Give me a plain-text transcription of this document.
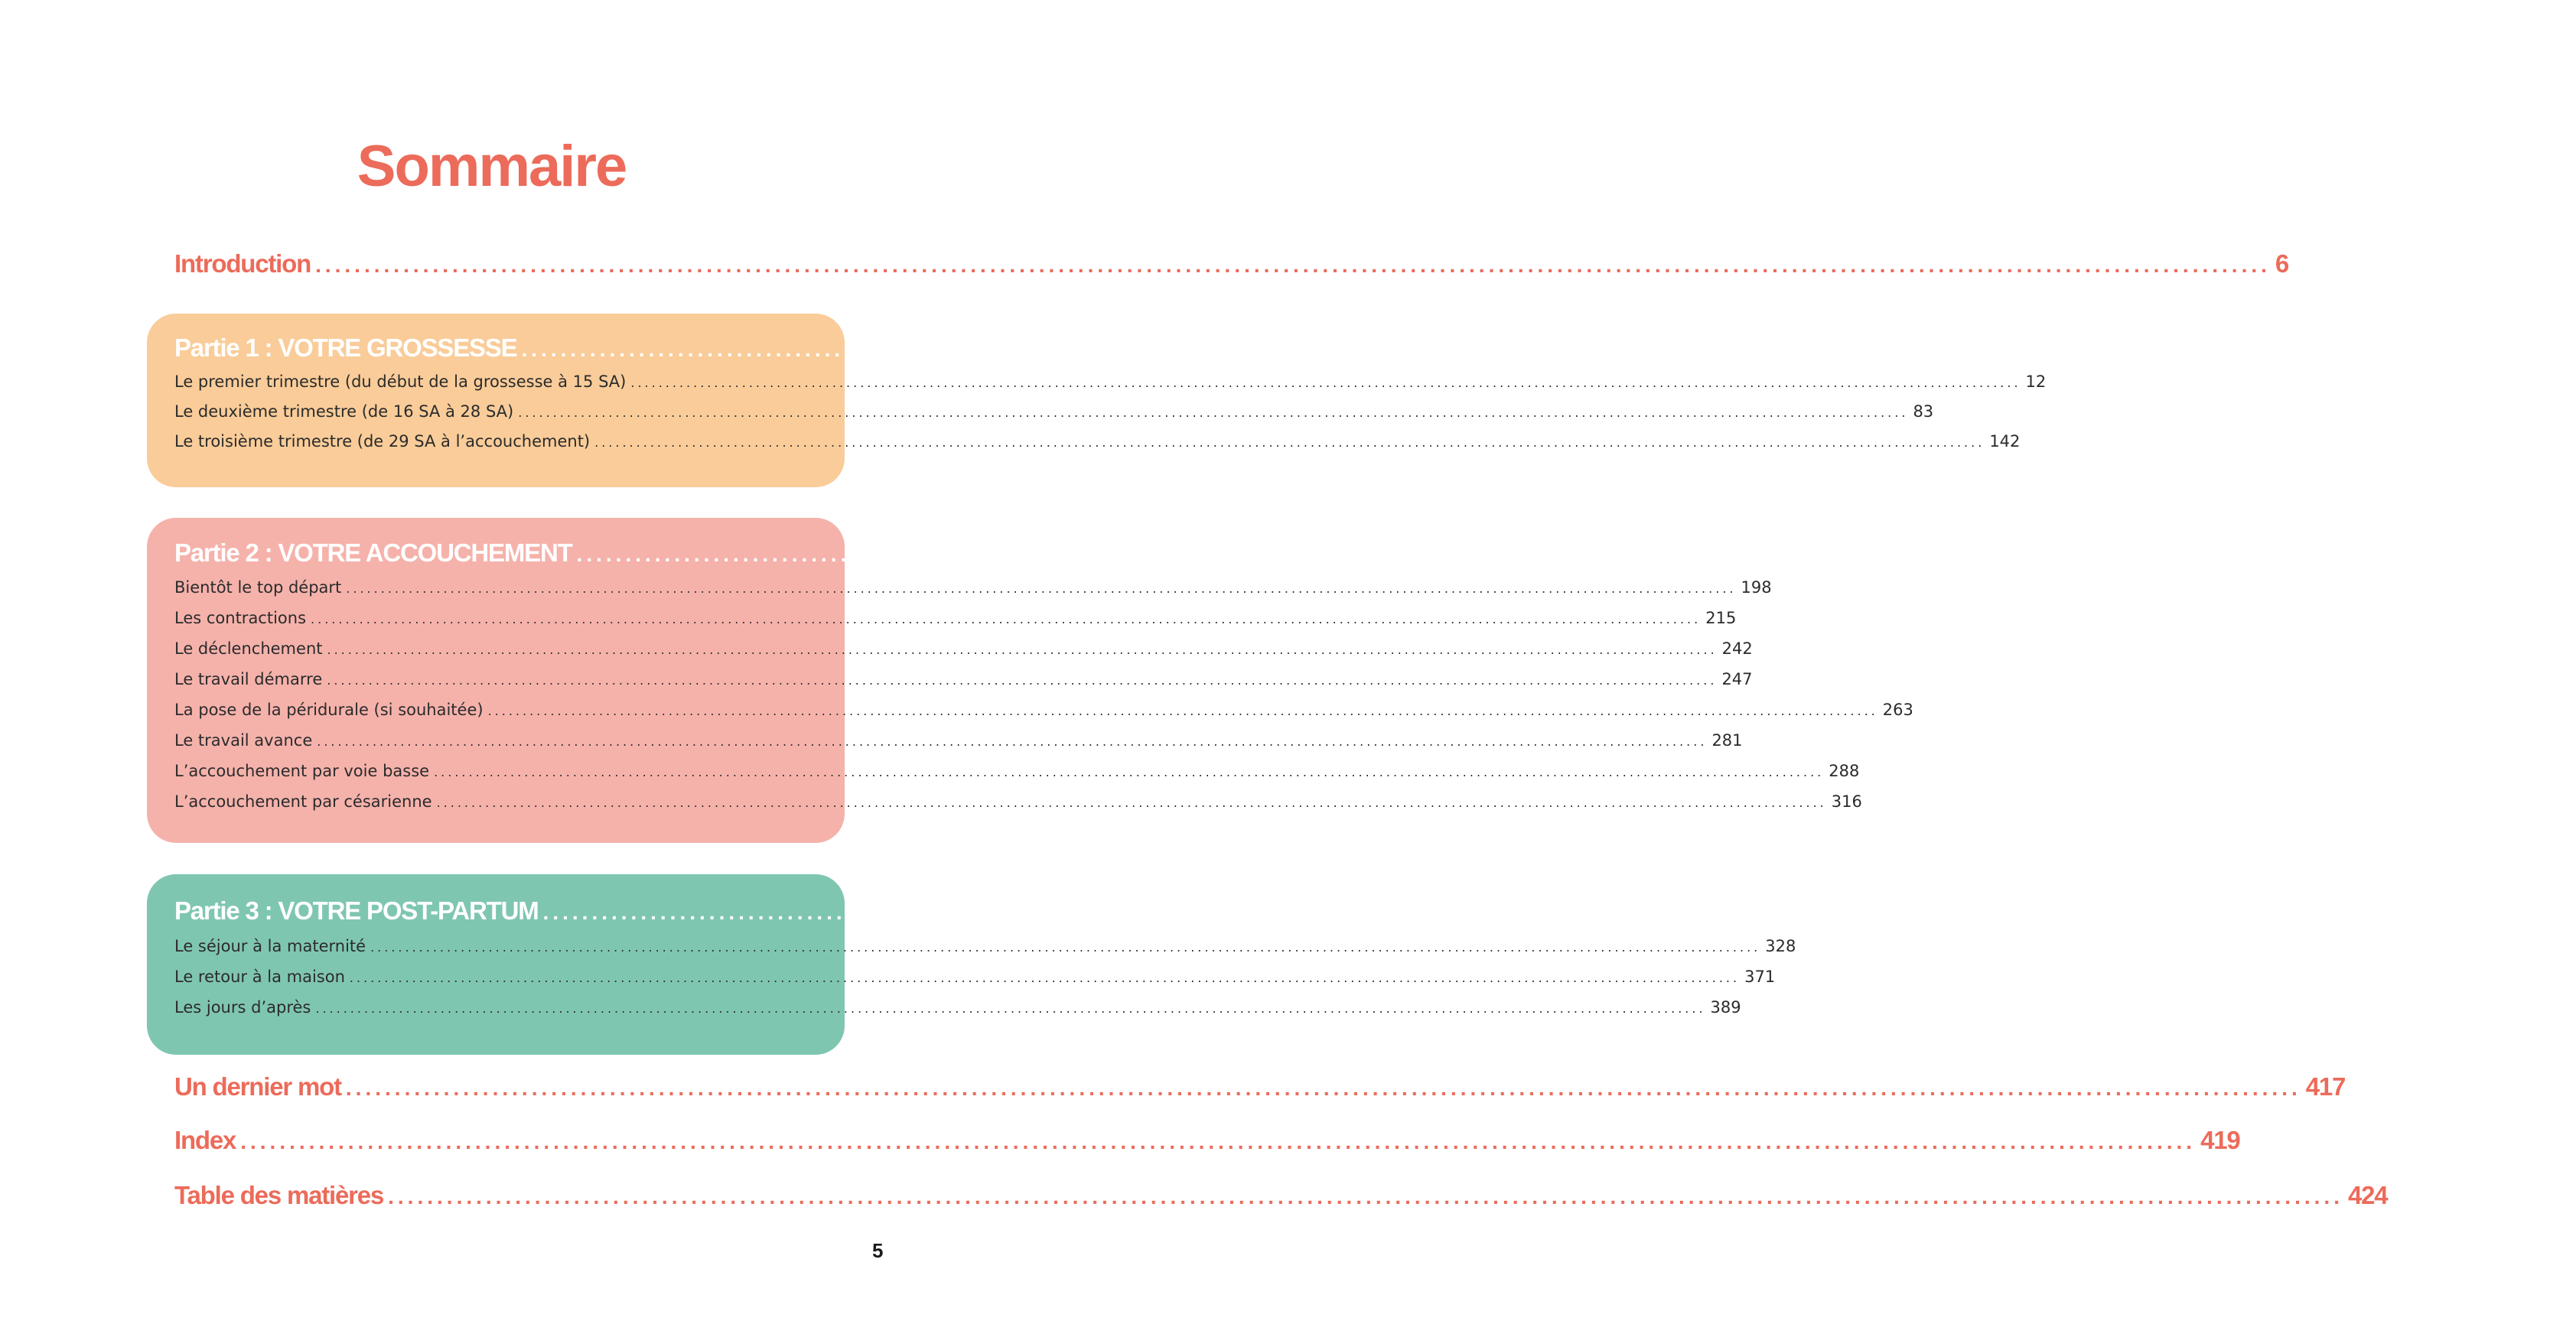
Sommaire
Introduction ........................................................................................................................................................................................................ 6
Partie 1 : VOTRE GROSSESSE ........................................................................................................................................................................................................ 11
Le premier trimestre (du début de la grossesse à 15 SA) ........................................................................................................................................................................................................ 12
Le deuxième trimestre (de 16 SA à 28 SA) ........................................................................................................................................................................................................ 83
Le troisième trimestre (de 29 SA à l’accouchement) ........................................................................................................................................................................................................ 142
Partie 2 : VOTRE ACCOUCHEMENT ........................................................................................................................................................................................................ 197
Bientôt le top départ ........................................................................................................................................................................................................ 198
Les contractions ........................................................................................................................................................................................................ 215
Le déclenchement ........................................................................................................................................................................................................ 242
Le travail démarre ........................................................................................................................................................................................................ 247
La pose de la péridurale (si souhaitée) ........................................................................................................................................................................................................ 263
Le travail avance ........................................................................................................................................................................................................ 281
L’accouchement par voie basse ........................................................................................................................................................................................................ 288
L’accouchement par césarienne ........................................................................................................................................................................................................ 316
Partie 3 : VOTRE POST-PARTUM ........................................................................................................................................................................................................ 325
Le séjour à la maternité ........................................................................................................................................................................................................ 328
Le retour à la maison ........................................................................................................................................................................................................ 371
Les jours d’après ........................................................................................................................................................................................................ 389
Un dernier mot ........................................................................................................................................................................................................ 417
Index ........................................................................................................................................................................................................ 419
Table des matières ........................................................................................................................................................................................................ 424
5
